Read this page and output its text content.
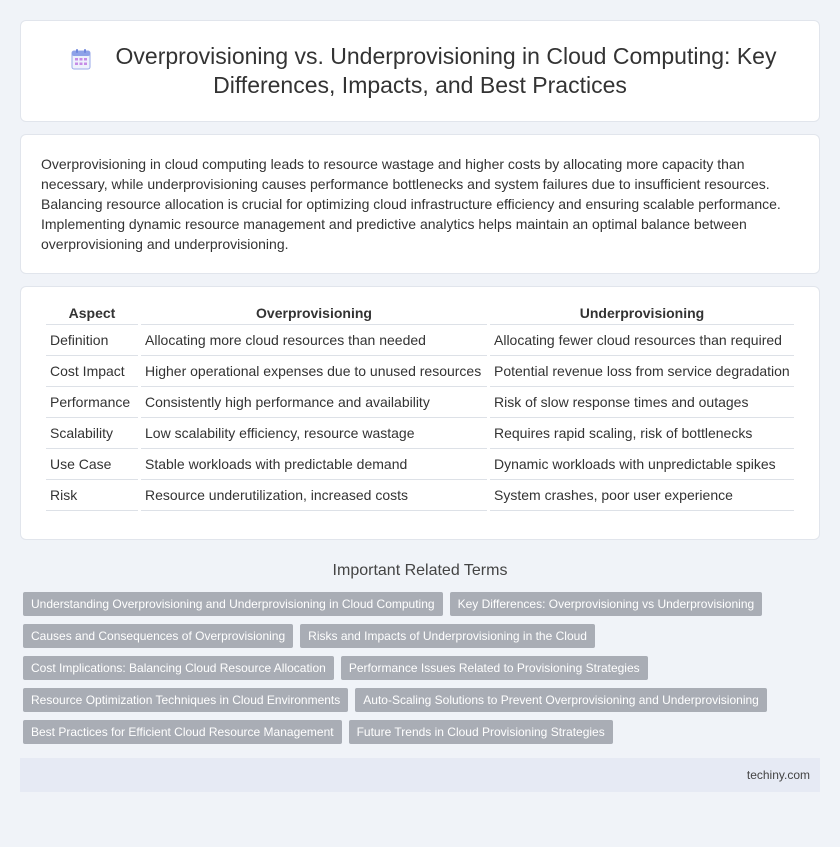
Overprovisioning vs. Underprovisioning in Cloud Computing: Key Differences, Impacts, and Best Practices

Overprovisioning in cloud computing leads to resource wastage and higher costs by allocating more capacity than necessary, while underprovisioning causes performance bottlenecks and system failures due to insufficient resources. Balancing resource allocation is crucial for optimizing cloud infrastructure efficiency and ensuring scalable performance. Implementing dynamic resource management and predictive analytics helps maintain an optimal balance between overprovisioning and underprovisioning.

Aspect	Overprovisioning	Underprovisioning
Definition	Allocating more cloud resources than needed	Allocating fewer cloud resources than required
Cost Impact	Higher operational expenses due to unused resources	Potential revenue loss from service degradation
Performance	Consistently high performance and availability	Risk of slow response times and outages
Scalability	Low scalability efficiency, resource wastage	Requires rapid scaling, risk of bottlenecks
Use Case	Stable workloads with predictable demand	Dynamic workloads with unpredictable spikes
Risk	Resource underutilization, increased costs	System crashes, poor user experience
Important Related Terms
Understanding Overprovisioning and Underprovisioning in Cloud Computing	Key Differences: Overprovisioning vs Underprovisioning
Causes and Consequences of Overprovisioning	Risks and Impacts of Underprovisioning in the Cloud
Cost Implications: Balancing Cloud Resource Allocation	Performance Issues Related to Provisioning Strategies
Resource Optimization Techniques in Cloud Environments	Auto-Scaling Solutions to Prevent Overprovisioning and Underprovisioning
Best Practices for Efficient Cloud Resource Management	Future Trends in Cloud Provisioning Strategies
techiny.com
